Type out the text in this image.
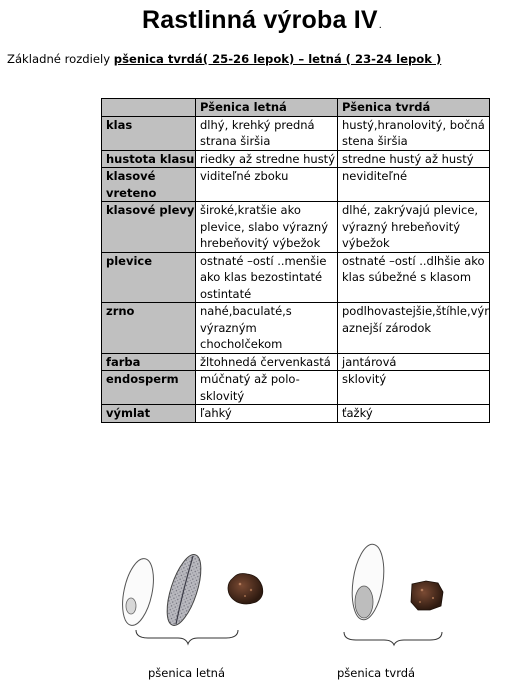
Rastlinná výroba IV.
Základné rozdiely pšenica tvrdá( 25-26 lepok) – letná ( 23-24 lepok )
	Pšenica letná	Pšenica tvrdá
klas	dlhý, krehký predná strana širšia	hustý,hranolovitý, bočná stena širšia
hustota klasu	riedky až stredne hustý	stredne hustý až hustý
klasové vreteno	viditeľné zboku	neviditeľné
klasové plevy	široké,kratšie ako plevice, slabo výrazný hrebeňovitý výbežok	dlhé, zakrývajú plevice, výrazný hrebeňovitý výbežok
plevice	ostnaté –ostí ..menšie ako klas bezostintaté ostintaté	ostnaté –ostí ..dlhšie ako klas súbežné s klasom
zrno	nahé,baculaté,s výrazným chocholčekom	podlhovastejšie,štíhle,výraznejší zárodok
farba	žltohnedá červenkastá	jantárová
endosperm	múčnatý až polo-sklovitý	sklovitý
výmlat	ľahký	ťažký
pšenica letná	pšenica tvrdá
